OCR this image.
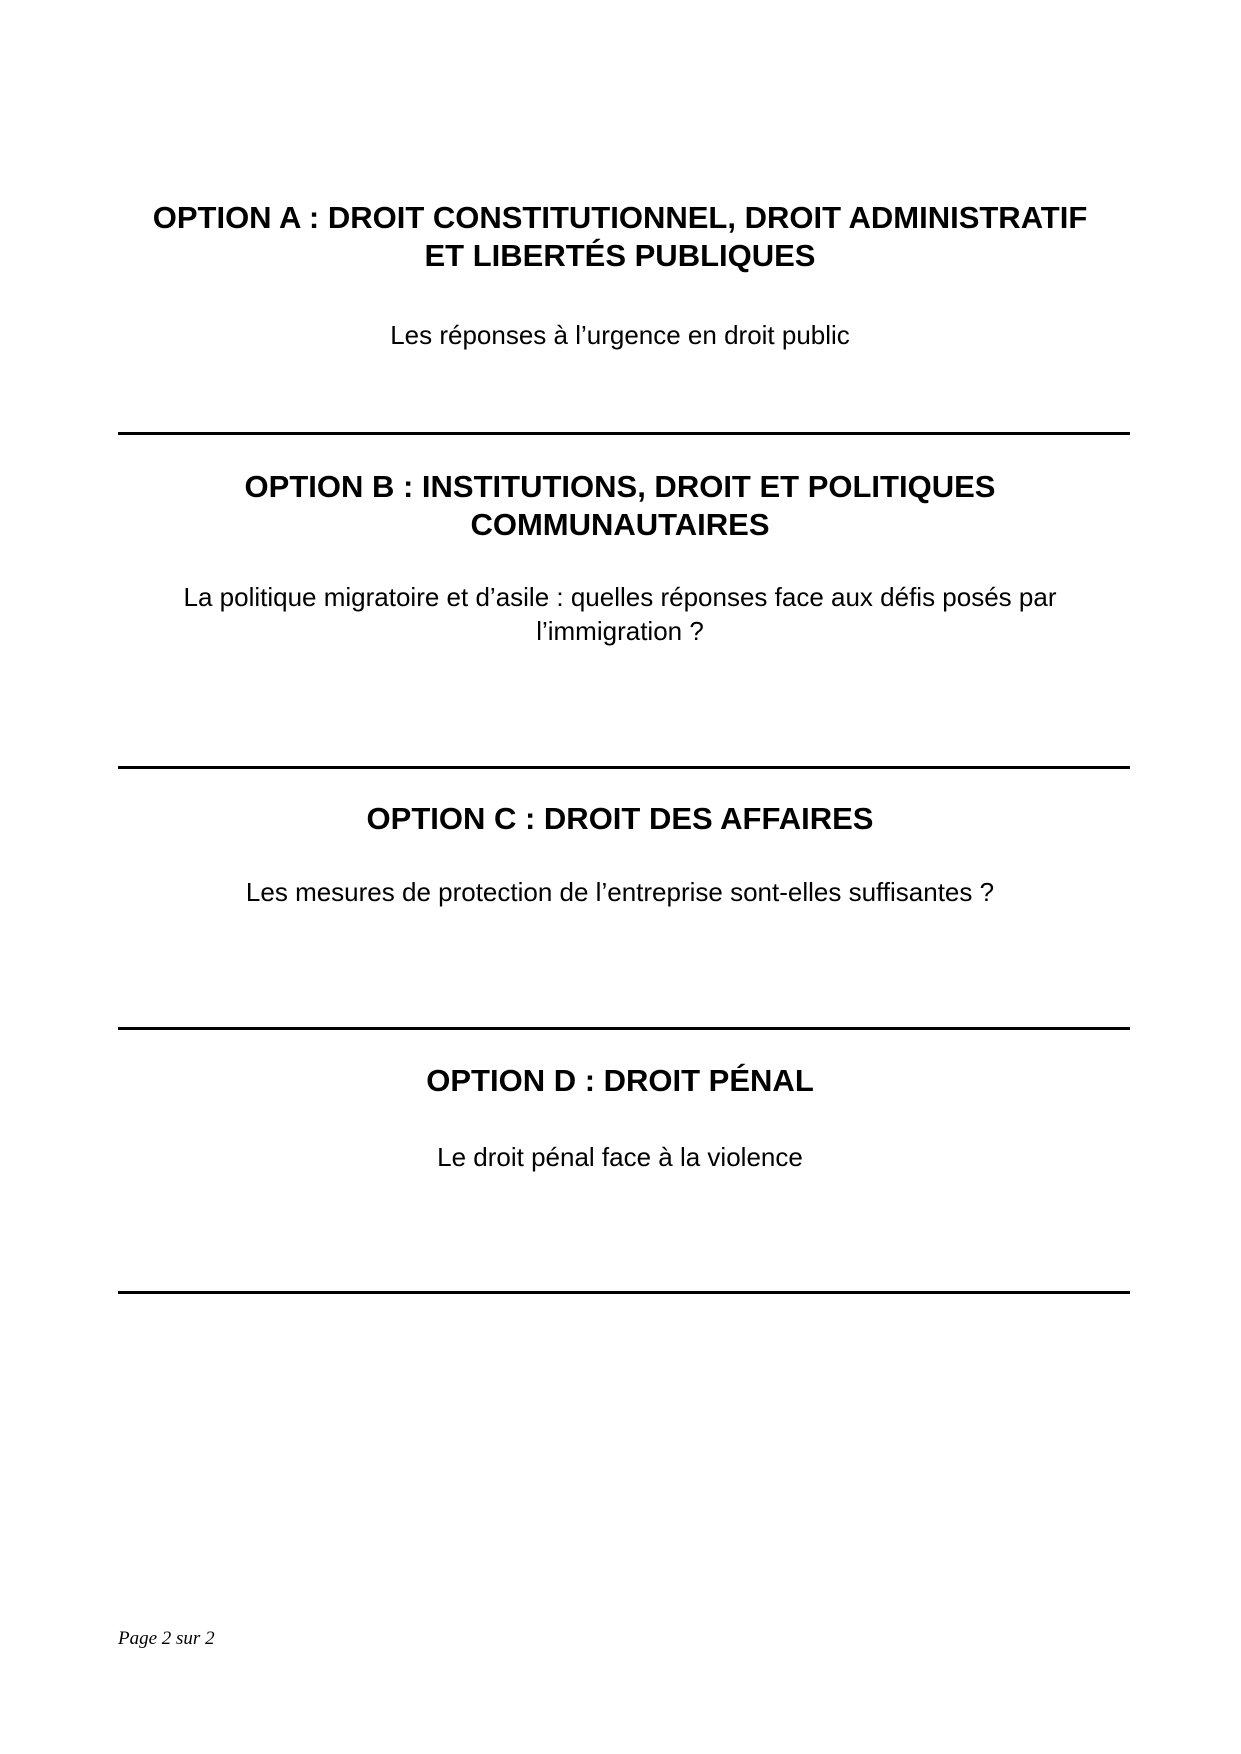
OPTION A : DROIT CONSTITUTIONNEL, DROIT ADMINISTRATIF

ET LIBERTÉS PUBLIQUES

Les réponses à l’urgence en droit public

OPTION B : INSTITUTIONS, DROIT ET POLITIQUES

COMMUNAUTAIRES

La politique migratoire et d’asile : quelles réponses face aux défis posés par

l’immigration ?

OPTION C : DROIT DES AFFAIRES

Les mesures de protection de l’entreprise sont-elles suffisantes ?

OPTION D : DROIT PÉNAL

Le droit pénal face à la violence

Page 2 sur 2
